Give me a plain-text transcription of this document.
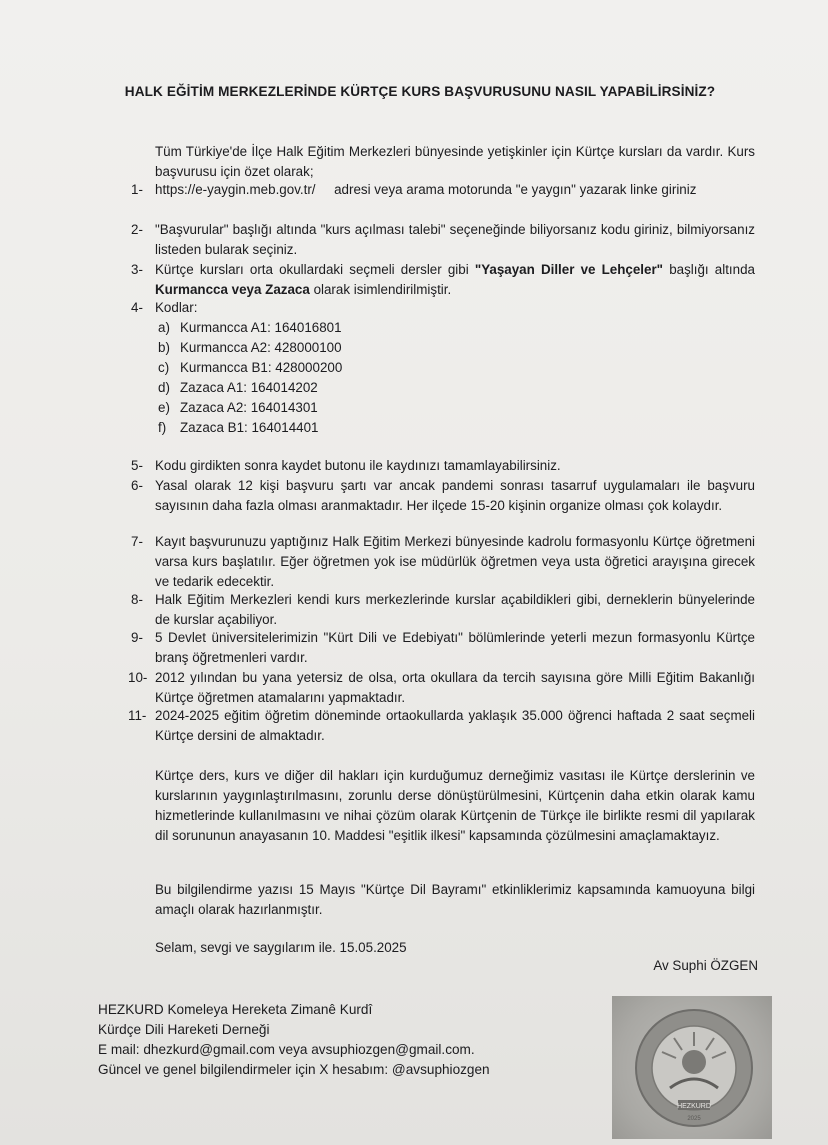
HALK EĞİTİM MERKEZLERİNDE KÜRTÇE KURS BAŞVURUSUNU NASIL YAPABİLİRSİNİZ?
Tüm Türkiye'de İlçe Halk Eğitim Merkezleri bünyesinde yetişkinler için Kürtçe kursları da vardır. Kurs başvurusu için özet olarak;
1- https://e-yaygin.meb.gov.tr/     adresi veya arama motorunda "e yaygın" yazarak linke giriniz
2- "Başvurular" başlığı altında "kurs açılması talebi" seçeneğinde biliyorsanız kodu giriniz, bilmiyorsanız listeden bularak seçiniz.
3- Kürtçe kursları orta okullardaki seçmeli dersler gibi "Yaşayan Diller ve Lehçeler" başlığı altında Kurmancca veya Zazaca olarak isimlendirilmiştir.
4- Kodlar:
a) Kurmancca A1: 164016801
b) Kurmancca A2: 428000100
c) Kurmancca B1: 428000200
d) Zazaca A1: 164014202
e) Zazaca A2: 164014301
f)	Zazaca B1: 164014401
5- Kodu girdikten sonra kaydet butonu ile kaydınızı tamamlayabilirsiniz.
6- Yasal olarak 12 kişi başvuru şartı var ancak pandemi sonrası tasarruf uygulamaları ile başvuru sayısının daha fazla olması aranmaktadır. Her ilçede 15-20 kişinin organize olması çok kolaydır.
7- Kayıt başvurunuzu yaptığınız Halk Eğitim Merkezi bünyesinde kadrolu formasyonlu Kürtçe öğretmeni varsa kurs başlatılır. Eğer öğretmen yok ise müdürlük öğretmen veya usta öğretici arayışına girecek ve tedarik edecektir.
8- Halk Eğitim Merkezleri kendi kurs merkezlerinde kurslar açabildikleri gibi, derneklerin bünyelerinde de kurslar açabiliyor.
9- 5 Devlet üniversitelerimizin "Kürt Dili ve Edebiyatı" bölümlerinde yeterli mezun formasyonlu Kürtçe branş öğretmenleri vardır.
10- 2012 yılından bu yana yetersiz de olsa, orta okullara da tercih sayısına göre Milli Eğitim Bakanlığı Kürtçe öğretmen atamalarını yapmaktadır.
11- 2024-2025 eğitim öğretim döneminde ortaokullarda yaklaşık 35.000 öğrenci haftada 2 saat seçmeli Kürtçe dersini de almaktadır.
Kürtçe ders, kurs ve diğer dil hakları için kurduğumuz derneğimiz vasıtası ile Kürtçe derslerinin ve kurslarının yaygınlaştırılmasını, zorunlu derse dönüştürülmesini, Kürtçenin daha etkin olarak kamu hizmetlerinde kullanılmasını ve nihai çözüm olarak Kürtçenin de Türkçe ile birlikte resmi dil yapılarak dil sorununun anayasanın 10. Maddesi "eşitlik ilkesi" kapsamında çözülmesini amaçlamaktayız.
Bu bilgilendirme yazısı 15 Mayıs "Kürtçe Dil Bayramı" etkinliklerimiz kapsamında kamuoyuna bilgi amaçlı olarak hazırlanmıştır.
Selam, sevgi ve saygılarım ile. 15.05.2025
Av Suphi ÖZGEN
HEZKURD Komeleya Hereketa Zimanê Kurdî
Kürdçe Dili Hareketi Derneği
E mail: dhezkurd@gmail.com veya avsuphiozgen@gmail.com.
Güncel ve genel bilgilendirmeler için X hesabım: @avsuphiozgen
HEZKURD
2025
